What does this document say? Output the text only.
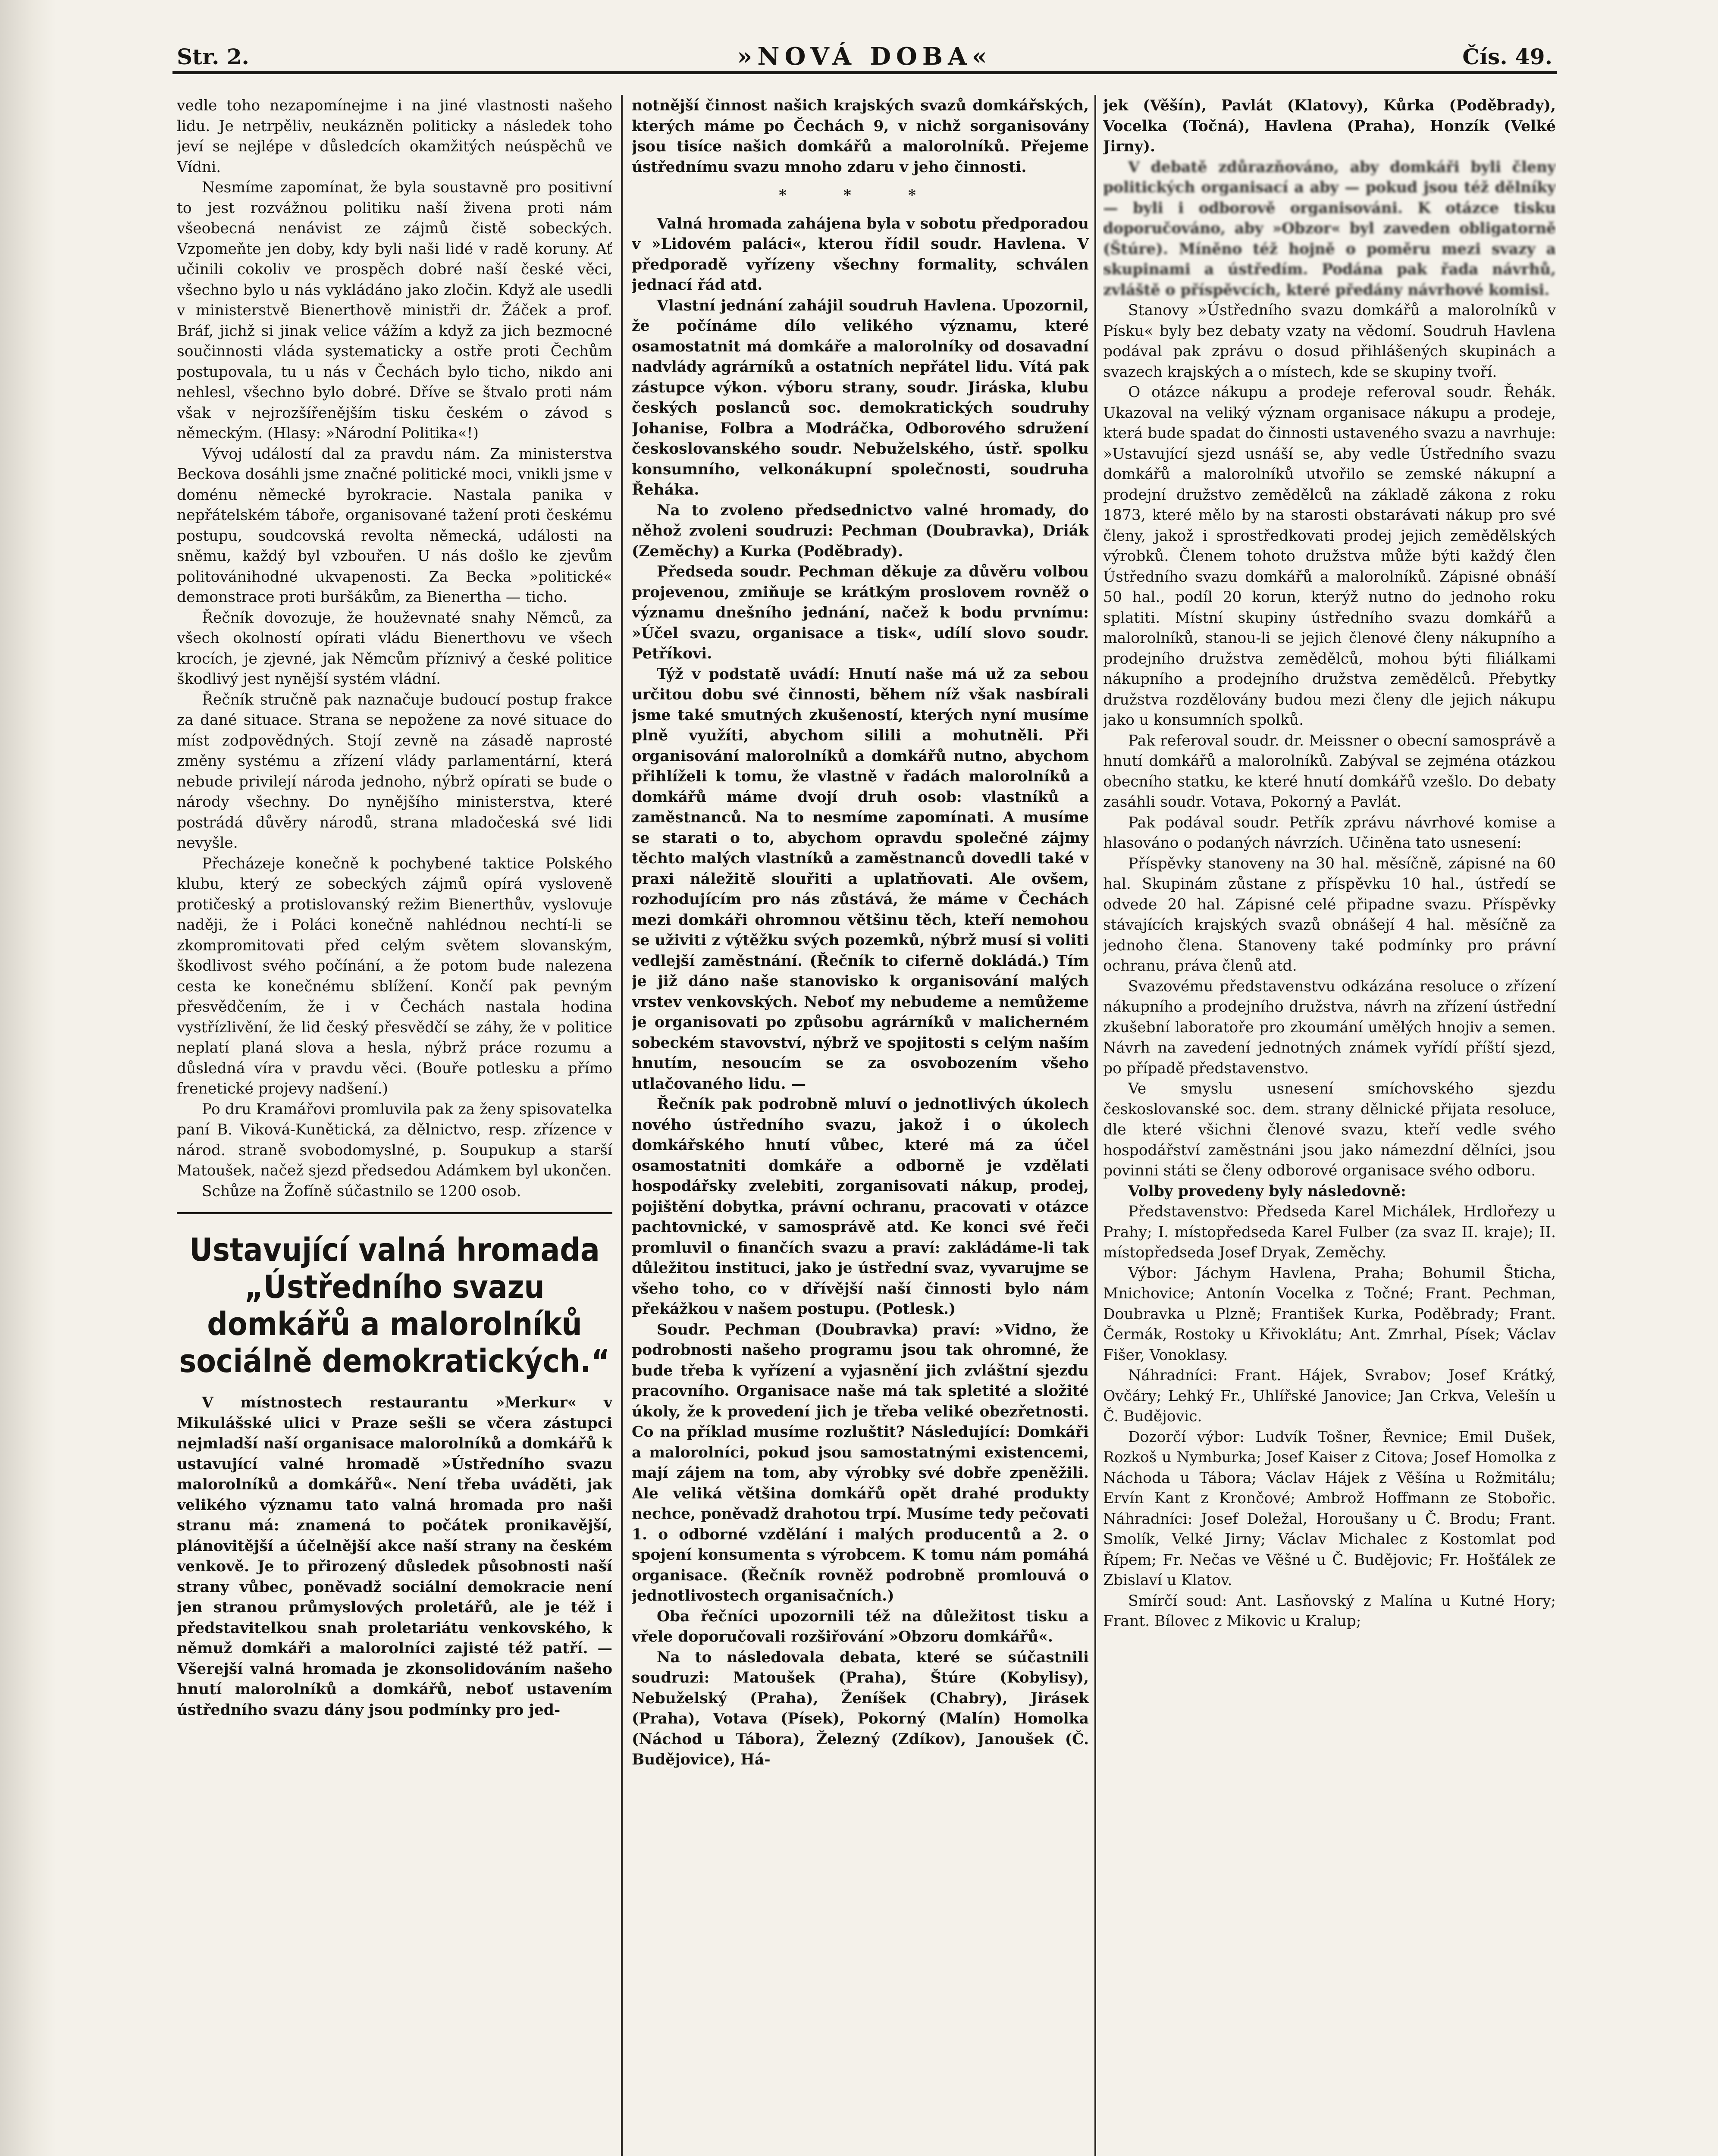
Str. 2.	»NOVÁ DOBA«	Čís. 49.

vedle toho nezapomínejme i na jiné vlastnosti našeho lidu. Je netrpěliv, neukázněn politicky a následek toho jeví se nejlépe v důsledcích okamžitých neúspěchů ve Vídni.

Nesmíme zapomínat, že byla soustavně pro positivní to jest rozvážnou politiku naší živena proti nám všeobecná nenávist ze zájmů čistě sobeckých. Vzpomeňte jen doby, kdy byli naši lidé v radě koruny. Ať učinili cokoliv ve prospěch dobré naší české věci, všechno bylo u nás vykládáno jako zločin. Když ale usedli v ministerstvě Bienerthově ministři dr. Žáček a prof. Bráf, jichž si jinak velice vážím a když za jich bezmocné součinnosti vláda systematicky a ostře proti Čechům postupovala, tu u nás v Čechách bylo ticho, nikdo ani nehlesl, všechno bylo dobré. Dříve se štvalo proti nám však v nejrozšířenějším tisku českém o závod s německým. (Hlasy: »Národní Politika«!)

Vývoj událostí dal za pravdu nám. Za ministerstva Beckova dosáhli jsme značné politické moci, vnikli jsme v doménu německé byrokracie. Nastala panika v nepřátelském táboře, organisované tažení proti českému postupu, soudcovská revolta německá, události na sněmu, každý byl vzbouřen. U nás došlo ke zjevům politovánihodné ukvapenosti. Za Becka »politické« demonstrace proti buršákům, za Bienertha — ticho.

Řečník dovozuje, že houževnaté snahy Němců, za všech okolností opírati vládu Bienerthovu ve všech krocích, je zjevné, jak Němcům příznivý a české politice škodlivý jest nynější systém vládní.

Řečník stručně pak naznačuje budoucí postup frakce za dané situace. Strana se nepožene za nové situace do míst zodpovědných. Stojí zevně na zásadě naprosté změny systému a zřízení vlády parlamentární, která nebude privilejí národa jednoho, nýbrž opírati se bude o národy všechny. Do nynějšího ministerstva, které postrádá důvěry národů, strana mladočeská své lidi nevyšle.

Přecházeje konečně k pochybené taktice Polského klubu, který ze sobeckých zájmů opírá vysloveně protičeský a protislovanský režim Bienerthův, vyslovuje naději, že i Poláci konečně nahlédnou nechtí-li se zkompromitovati před celým světem slovanským, škodlivost svého počínání, a že potom bude nalezena cesta ke konečnému sblížení. Končí pak pevným přesvědčením, že i v Čechách nastala hodina vystřízlivění, že lid český přesvědčí se záhy, že v politice neplatí planá slova a hesla, nýbrž práce rozumu a důsledná víra v pravdu věci. (Bouře potlesku a přímo frenetické projevy nadšení.)

Po dru Kramářovi promluvila pak za ženy spisovatelka paní B. Viková-Kunětická, za dělnictvo, resp. zřízence v národ. straně svobodomyslné, p. Soupukup a starší Matoušek, načež sjezd předsedou Adámkem byl ukončen.

Schůze na Žofíně súčastnilo se 1200 osob.

Ustavující valná hromada „Ústředního svazu domkářů a malorolníků sociálně demokratických.“

V místnostech restaurantu »Merkur« v Mikulášské ulici v Praze sešli se včera zástupci nejmladší naší organisace malorolníků a domkářů k ustavující valné hromadě »Ústředního svazu malorolníků a domkářů«. Není třeba uváděti, jak velikého významu tato valná hromada pro naši stranu má: znamená to počátek pronikavější, plánovitější a účelnější akce naší strany na českém venkově. Je to přirozený důsledek působnosti naší strany vůbec, poněvadž sociální demokracie není jen stranou průmyslových proletářů, ale je též i představitelkou snah proletariátu venkovského, k němuž domkáři a malorolníci zajisté též patří. — Všerejší valná hromada je zkonsolidováním našeho hnutí malorolníků a domkářů, neboť ustavením ústředního svazu dány jsou podmínky pro jed-

notnější činnost našich krajských svazů domkářských, kterých máme po Čechách 9, v nichž sorganisovány jsou tisíce našich domkářů a malorolníků. Přejeme ústřednímu svazu mnoho zdaru v jeho činnosti.

* * *

Valná hromada zahájena byla v sobotu předporadou v »Lidovém paláci«, kterou řídil soudr. Havlena. V předporadě vyřízeny všechny formality, schválen jednací řád atd.

Vlastní jednání zahájil soudruh Havlena. Upozornil, že počínáme dílo velikého významu, které osamostatnit má domkáře a malorolníky od dosavadní nadvlády agrárníků a ostatních nepřátel lidu. Vítá pak zástupce výkon. výboru strany, soudr. Jiráska, klubu českých poslanců soc. demokratických soudruhy Johanise, Folbra a Modráčka, Odborového sdružení českoslovanského soudr. Nebuželského, ústř. spolku konsumního, velkonákupní společnosti, soudruha Řeháka.

Na to zvoleno předsednictvo valné hromady, do něhož zvoleni soudruzi: Pechman (Doubravka), Driák (Zeměchy) a Kurka (Poděbrady).

Předseda soudr. Pechman děkuje za důvěru volbou projevenou, zmiňuje se krátkým proslovem rovněž o významu dnešního jednání, načež k bodu prvnímu: »Účel svazu, organisace a tisk«, udílí slovo soudr. Petříkovi.

Týž v podstatě uvádí: Hnutí naše má už za sebou určitou dobu své činnosti, během níž však nasbírali jsme také smutných zkušeností, kterých nyní musíme plně využíti, abychom silili a mohutněli. Při organisování malorolníků a domkářů nutno, abychom přihlíželi k tomu, že vlastně v řadách malorolníků a domkářů máme dvojí druh osob: vlastníků a zaměstnanců. Na to nesmíme zapomínati. A musíme se starati o to, abychom opravdu společné zájmy těchto malých vlastníků a zaměstnanců dovedli také v praxi náležitě slouřiti a uplatňovati. Ale ovšem, rozhodujícím pro nás zůstává, že máme v Čechách mezi domkáři ohromnou většinu těch, kteří nemohou se uživiti z výtěžku svých pozemků, nýbrž musí si voliti vedlejší zaměstnání. (Řečník to ciferně dokládá.) Tím je již dáno naše stanovisko k organisování malých vrstev venkovských. Neboť my nebudeme a nemůžeme je organisovati po způsobu agrárníků v malicherném sobeckém stavovství, nýbrž ve spojitosti s celým naším hnutím, nesoucím se za osvobozením všeho utlačovaného lidu. —

Řečník pak podrobně mluví o jednotlivých úkolech nového ústředního svazu, jakož i o úkolech domkářského hnutí vůbec, které má za účel osamostatniti domkáře a odborně je vzdělati hospodářsky zvelebiti, zorganisovati nákup, prodej, pojištění dobytka, právní ochranu, pracovati v otázce pachtovnické, v samosprávě atd. Ke konci své řeči promluvil o finančích svazu a praví: zakládáme-li tak důležitou instituci, jako je ústřední svaz, vyvarujme se všeho toho, co v dřívější naší činnosti bylo nám překážkou v našem postupu. (Potlesk.)

Soudr. Pechman (Doubravka) praví: »Vidno, že podrobnosti našeho programu jsou tak ohromné, že bude třeba k vyřízení a vyjasnění jich zvláštní sjezdu pracovního. Organisace naše má tak spletité a složité úkoly, že k provedení jich je třeba veliké obezřetnosti. Co na příklad musíme rozluštit? Následující: Domkáři a malorolníci, pokud jsou samostatnými existencemi, mají zájem na tom, aby výrobky své dobře zpeněžili. Ale veliká většina domkářů opět drahé produkty nechce, poněvadž drahotou trpí. Musíme tedy pečovati 1. o odborné vzdělání i malých producentů a 2. o spojení konsumenta s výrobcem. K tomu nám pomáhá organisace. (Řečník rovněž podrobně promlouvá o jednotlivostech organisačních.)

Oba řečníci upozornili též na důležitost tisku a vřele doporučovali rozšiřování »Obzoru domkářů«.

Na to následovala debata, které se súčastnili soudruzi: Matoušek (Praha), Štúre (Kobylisy), Nebuželský (Praha), Ženíšek (Chabry), Jirásek (Praha), Votava (Písek), Pokorný (Malín) Homolka (Náchod u Tábora), Železný (Zdíkov), Janoušek (Č. Budějovice), Há-

jek (Věšín), Pavlát (Klatovy), Kůrka (Poděbrady), Vocelka (Točná), Havlena (Praha), Honzík (Velké Jirny).

V debatě zdůrazňováno, aby domkáři byli členy politických organisací a aby — pokud jsou též dělníky — byli i odborově organisováni. K otázce tisku doporučováno, aby »Obzor« byl zaveden obligatorně (Štúre). Míněno též hojně o poměru mezi svazy a skupinami a ústředím. Podána pak řada návrhů, zvláště o příspěvcích, které předány návrhové komisi.

Stanovy »Ústředního svazu domkářů a malorolníků v Písku« byly bez debaty vzaty na vědomí. Soudruh Havlena podával pak zprávu o dosud přihlášených skupinách a svazech krajských a o místech, kde se skupiny tvoří.

O otázce nákupu a prodeje referoval soudr. Řehák. Ukazoval na veliký význam organisace nákupu a prodeje, která bude spadat do činnosti ustaveného svazu a navrhuje: »Ustavující sjezd usnáší se, aby vedle Ústředního svazu domkářů a malorolníků utvořilo se zemské nákupní a prodejní družstvo zemědělců na základě zákona z roku 1873, které mělo by na starosti obstarávati nákup pro své členy, jakož i sprostředkovati prodej jejich zemědělských výrobků. Členem tohoto družstva může býti každý člen Ústředního svazu domkářů a malorolníků. Zápisné obnáší 50 hal., podíl 20 korun, kterýž nutno do jednoho roku splatiti. Místní skupiny ústředního svazu domkářů a malorolníků, stanou-li se jejich členové členy nákupního a prodejního družstva zemědělců, mohou býti filiálkami nákupního a prodejního družstva zemědělců. Přebytky družstva rozdělovány budou mezi členy dle jejich nákupu jako u konsumních spolků.

Pak referoval soudr. dr. Meissner o obecní samosprávě a hnutí domkářů a malorolníků. Zabýval se zejména otázkou obecního statku, ke které hnutí domkářů vzešlo. Do debaty zasáhli soudr. Votava, Pokorný a Pavlát.

Pak podával soudr. Petřík zprávu návrhové komise a hlasováno o podaných návrzích. Učiněna tato usnesení:

Příspěvky stanoveny na 30 hal. měsíčně, zápisné na 60 hal. Skupinám zůstane z příspěvku 10 hal., ústředí se odvede 20 hal. Zápisné celé připadne svazu. Příspěvky stávajících krajských svazů obnášejí 4 hal. měsíčně za jednoho člena. Stanoveny také podmínky pro právní ochranu, práva členů atd.

Svazovému představenstvu odkázána resoluce o zřízení nákupního a prodejního družstva, návrh na zřízení ústřední zkušební laboratoře pro zkoumání umělých hnojiv a semen. Návrh na zavedení jednotných známek vyřídí příští sjezd, po případě představenstvo.

Ve smyslu usnesení smíchovského sjezdu českoslovanské soc. dem. strany dělnické přijata resoluce, dle které všichni členové svazu, kteří vedle svého hospodářství zaměstnáni jsou jako námezdní dělníci, jsou povinni státi se členy odborové organisace svého odboru.

Volby provedeny byly následovně:

Představenstvo: Předseda Karel Michálek, Hrdlořezy u Prahy; I. místopředseda Karel Fulber (za svaz II. kraje); II. místopředseda Josef Dryak, Zeměchy.

Výbor: Jáchym Havlena, Praha; Bohumil Šticha, Mnichovice; Antonín Vocelka z Točné; Frant. Pechman, Doubravka u Plzně; František Kurka, Poděbrady; Frant. Čermák, Rostoky u Křivoklátu; Ant. Zmrhal, Písek; Václav Fišer, Vonoklasy.

Náhradníci: Frant. Hájek, Svrabov; Josef Krátký, Ovčáry; Lehký Fr., Uhlířské Janovice; Jan Crkva, Velešín u Č. Budějovic.

Dozorčí výbor: Ludvík Tošner, Řevnice; Emil Dušek, Rozkoš u Nymburka; Josef Kaiser z Citova; Josef Homolka z Náchoda u Tábora; Václav Hájek z Věšína u Rožmitálu; Ervín Kant z Krončové; Ambrož Hoffmann ze Stobořic. Náhradníci: Josef Doležal, Horoušany u Č. Brodu; Frant. Smolík, Velké Jirny; Václav Michalec z Kostomlat pod Řípem; Fr. Nečas ve Věšné u Č. Budějovic; Fr. Hošťálek ze Zbislaví u Klatov.

Smírčí soud: Ant. Lasňovský z Malína u Kutné Hory; Frant. Bílovec z Mikovic u Kralup;
